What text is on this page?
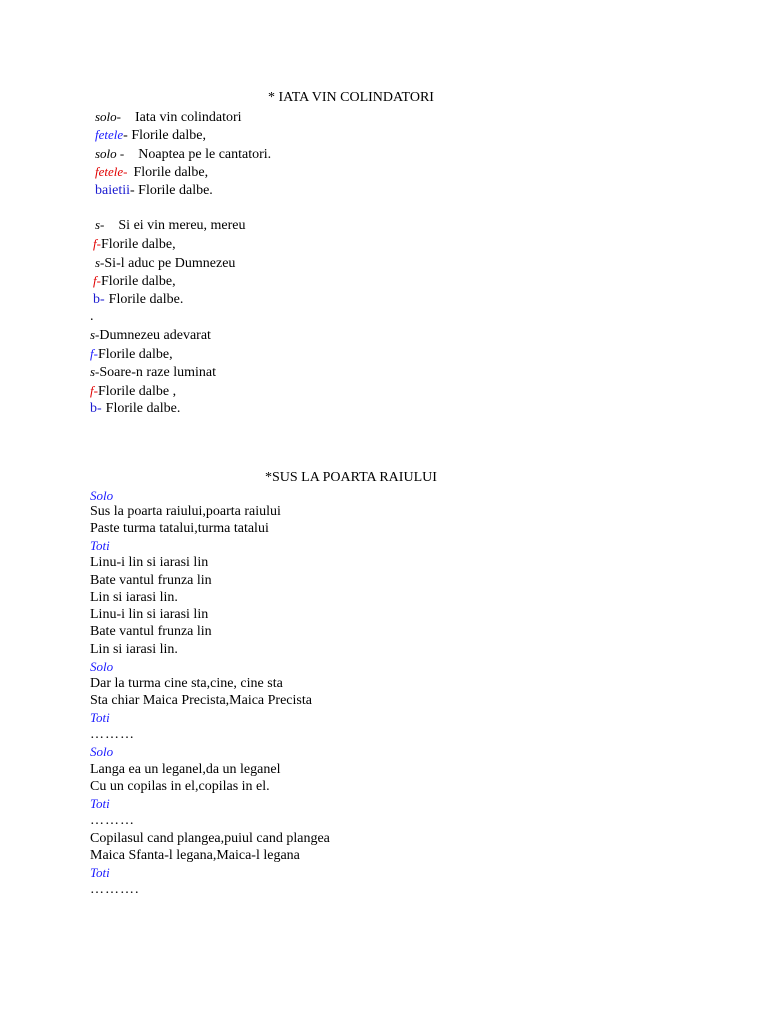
* IATA VIN COLINDATORI
solo- Iata vin colindatori
fetele- Florile dalbe,
solo - Noaptea pe le cantatori.
fetele- Florile dalbe,
baietii- Florile dalbe.
s- Si ei vin mereu, mereu
f-Florile dalbe,
s-Si-l aduc pe Dumnezeu
f-Florile dalbe,
b- Florile dalbe.
.
s-Dumnezeu adevarat
f-Florile dalbe,
s-Soare-n raze luminat
f-Florile dalbe ,
b- Florile dalbe.
*SUS LA POARTA RAIULUI
Solo
Sus la poarta raiului,poarta raiului
Paste turma tatalui,turma tatalui
Toti
Linu-i lin si iarasi lin
Bate vantul frunza lin
Lin si iarasi lin.
Linu-i lin si iarasi lin
Bate vantul frunza lin
Lin si iarasi lin.
Solo
Dar la turma cine sta,cine, cine sta
Sta chiar Maica Precista,Maica Precista
Toti
………
Solo
Langa ea un leganel,da un leganel
Cu un copilas in el,copilas in el.
Toti
………
Copilasul cand plangea,puiul cand plangea
Maica Sfanta-l legana,Maica-l legana
Toti
……….
